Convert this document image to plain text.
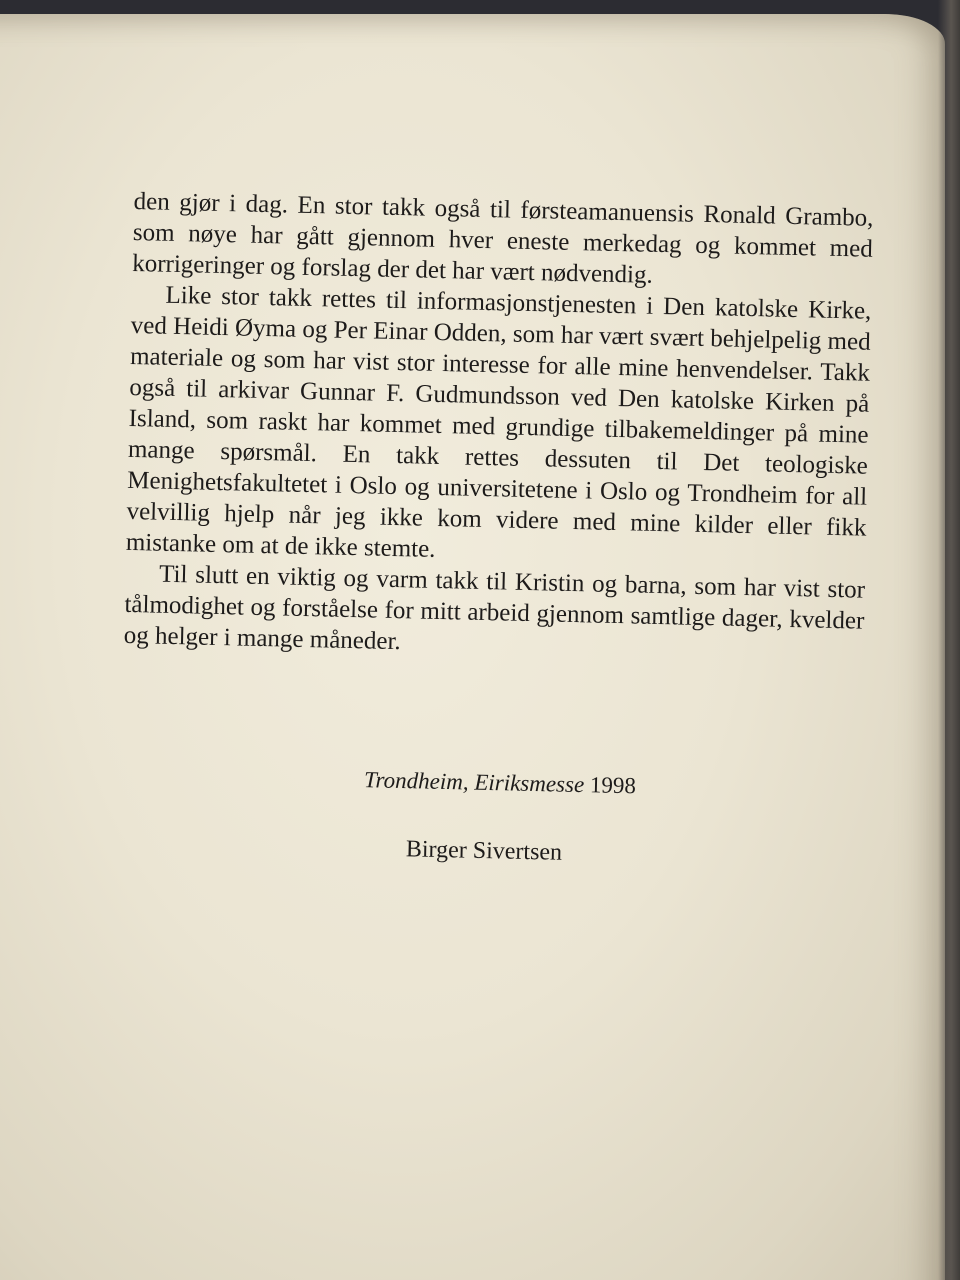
den gjør i dag. En stor takk også til førsteamanuensis Ronald Grambo, som nøye har gått gjennom hver eneste merkedag og kommet med korrigeringer og forslag der det har vært nødvendig.

Like stor takk rettes til informasjonstjenesten i Den katolske Kirke, ved Heidi Øyma og Per Einar Odden, som har vært svært behjelpelig med materiale og som har vist stor interesse for alle mine henvendelser. Takk også til arkivar Gunnar F. Gudmundsson ved Den katolske Kirken på Island, som raskt har kommet med grundige tilbakemeldinger på mine mange spørsmål. En takk rettes dessuten til Det teologiske Menighetsfakultetet i Oslo og universitetene i Oslo og Trondheim for all velvillig hjelp når jeg ikke kom videre med mine kilder eller fikk mistanke om at de ikke stemte.

Til slutt en viktig og varm takk til Kristin og barna, som har vist stor tålmodighet og forståelse for mitt arbeid gjennom samtlige dager, kvelder og helger i mange måneder.

Trondheim, Eiriksmesse 1998
Birger Sivertsen
